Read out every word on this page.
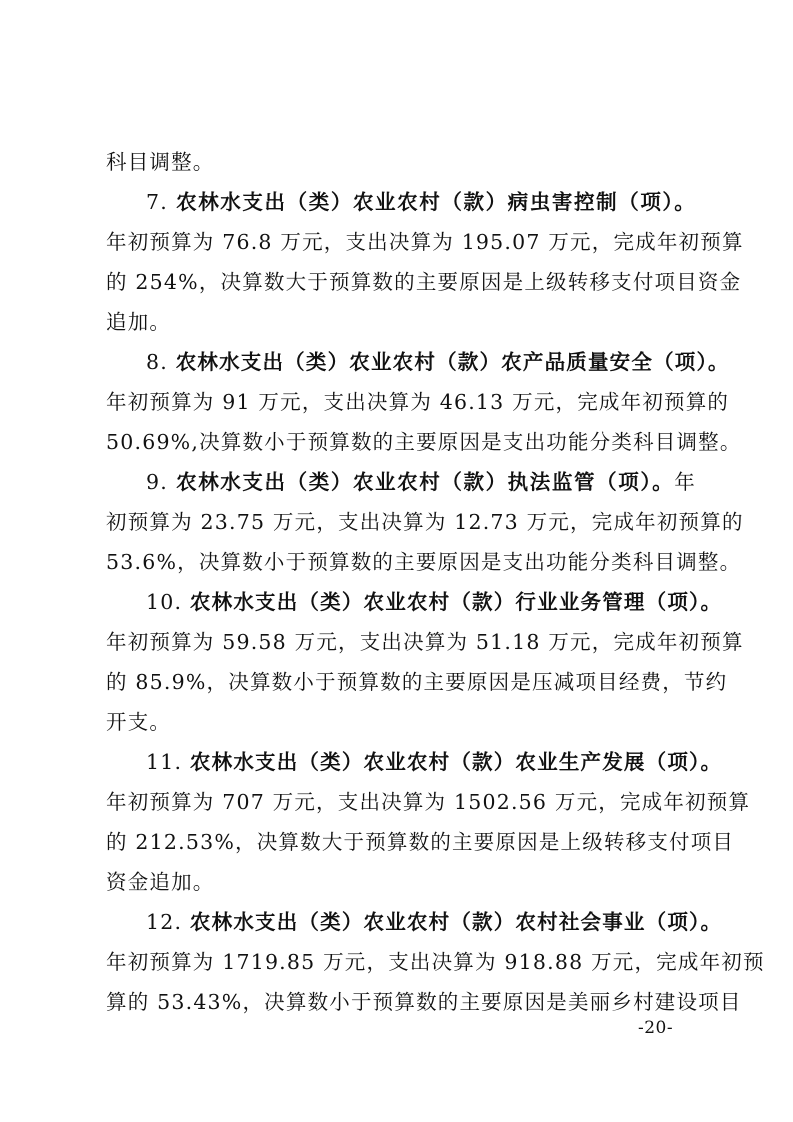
科目调整。
7. 农林水支出（类）农业农村（款）病虫害控制（项）。
年初预算为 76.8 万元，支出决算为 195.07 万元，完成年初预算
的 254%，决算数大于预算数的主要原因是上级转移支付项目资金
追加。
8. 农林水支出（类）农业农村（款）农产品质量安全（项）。
年初预算为 91 万元，支出决算为 46.13 万元，完成年初预算的
50.69%,决算数小于预算数的主要原因是支出功能分类科目调整。
9. 农林水支出（类）农业农村（款）执法监管（项）。年
初预算为 23.75 万元，支出决算为 12.73 万元，完成年初预算的
53.6%，决算数小于预算数的主要原因是支出功能分类科目调整。
10. 农林水支出（类）农业农村（款）行业业务管理（项）。
年初预算为 59.58 万元，支出决算为 51.18 万元，完成年初预算
的 85.9%，决算数小于预算数的主要原因是压减项目经费，节约
开支。
11. 农林水支出（类）农业农村（款）农业生产发展（项）。
年初预算为 707 万元，支出决算为 1502.56 万元，完成年初预算
的 212.53%，决算数大于预算数的主要原因是上级转移支付项目
资金追加。
12. 农林水支出（类）农业农村（款）农村社会事业（项）。
年初预算为 1719.85 万元，支出决算为 918.88 万元，完成年初预
算的 53.43%，决算数小于预算数的主要原因是美丽乡村建设项目
-20-
